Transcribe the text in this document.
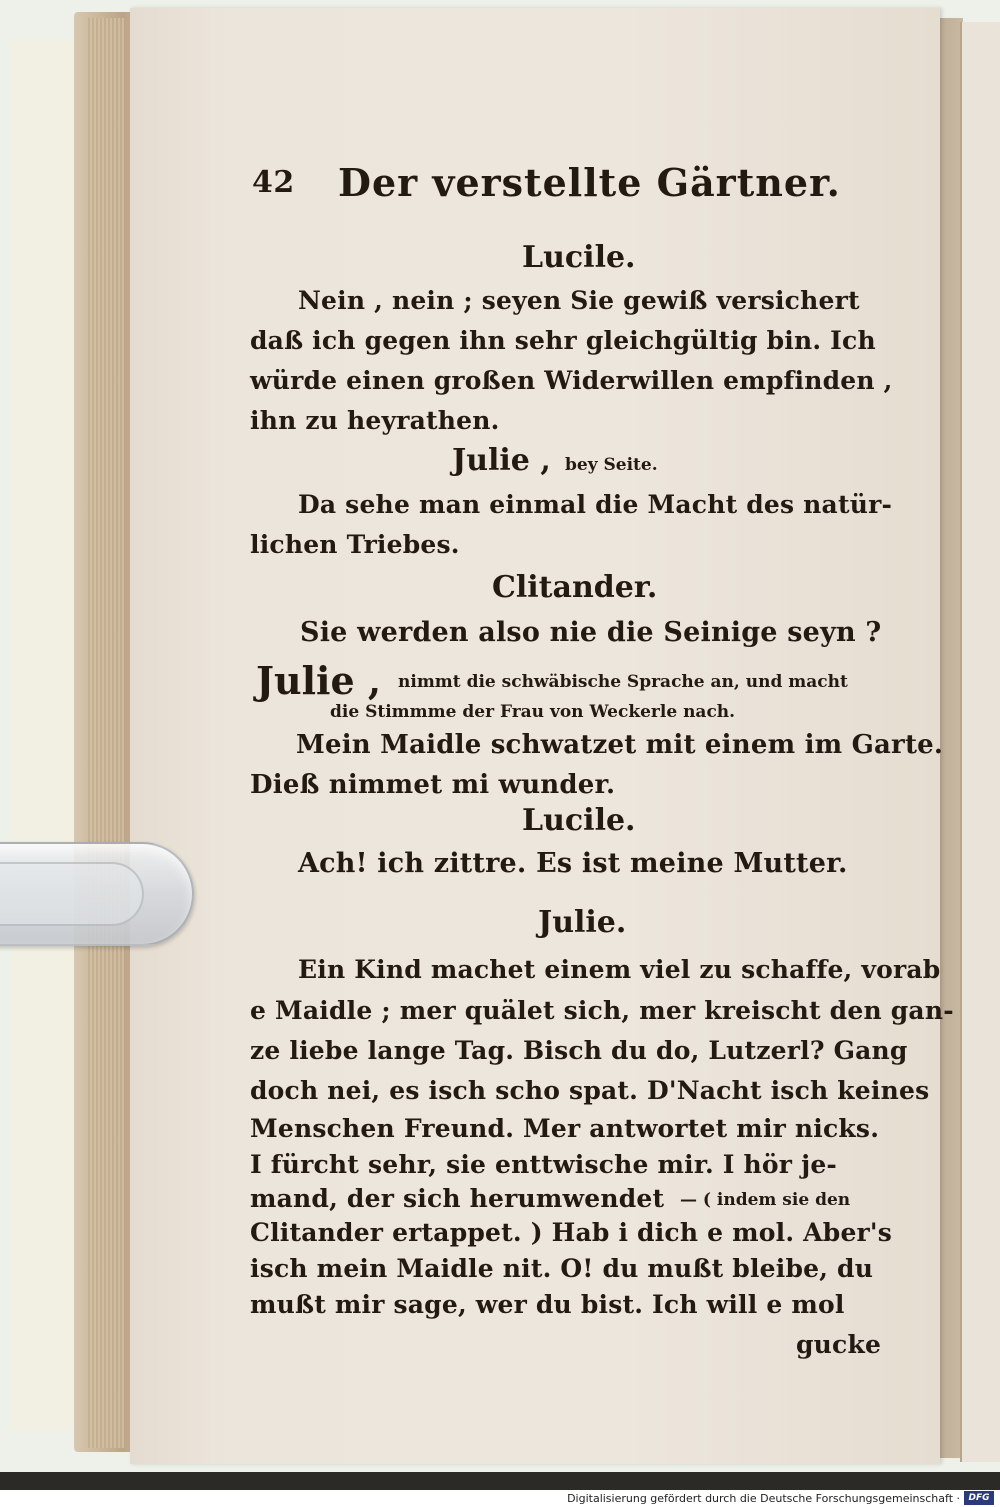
42 Der verstellte Gärtner.
Lucile.
Nein , nein ; seyen Sie gewiß versichert
daß ich gegen ihn sehr gleichgültig bin. Ich
würde einen großen Widerwillen empfinden ,
ihn zu heyrathen.
Julie , bey Seite.
Da sehe man einmal die Macht des natür-
lichen Triebes.
Clitander.
Sie werden also nie die Seinige seyn ?
Julie , nimmt die schwäbische Sprache an, und macht
die Stimmme der Frau von Weckerle nach.
Mein Maidle schwatzet mit einem im Garte.
Dieß nimmet mi wunder.
Lucile.
Ach! ich zittre. Es ist meine Mutter.
Julie.
Ein Kind machet einem viel zu schaffe, vorab
e Maidle ; mer quälet sich, mer kreischt den gan-
ze liebe lange Tag. Bisch du do, Lutzerl? Gang
doch nei, es isch scho spat. D'Nacht isch keines
Menschen Freund. Mer antwortet mir nicks.
I fürcht sehr, sie enttwische mir. I hör je-
mand, der sich herumwendet — ( indem sie den
Clitander ertappet. ) Hab i dich e mol. Aber's
isch mein Maidle nit. O! du mußt bleibe, du
mußt mir sage, wer du bist. Ich will e mol
gucke
Digitalisierung gefördert durch die Deutsche Forschungsgemeinschaft · DFG
